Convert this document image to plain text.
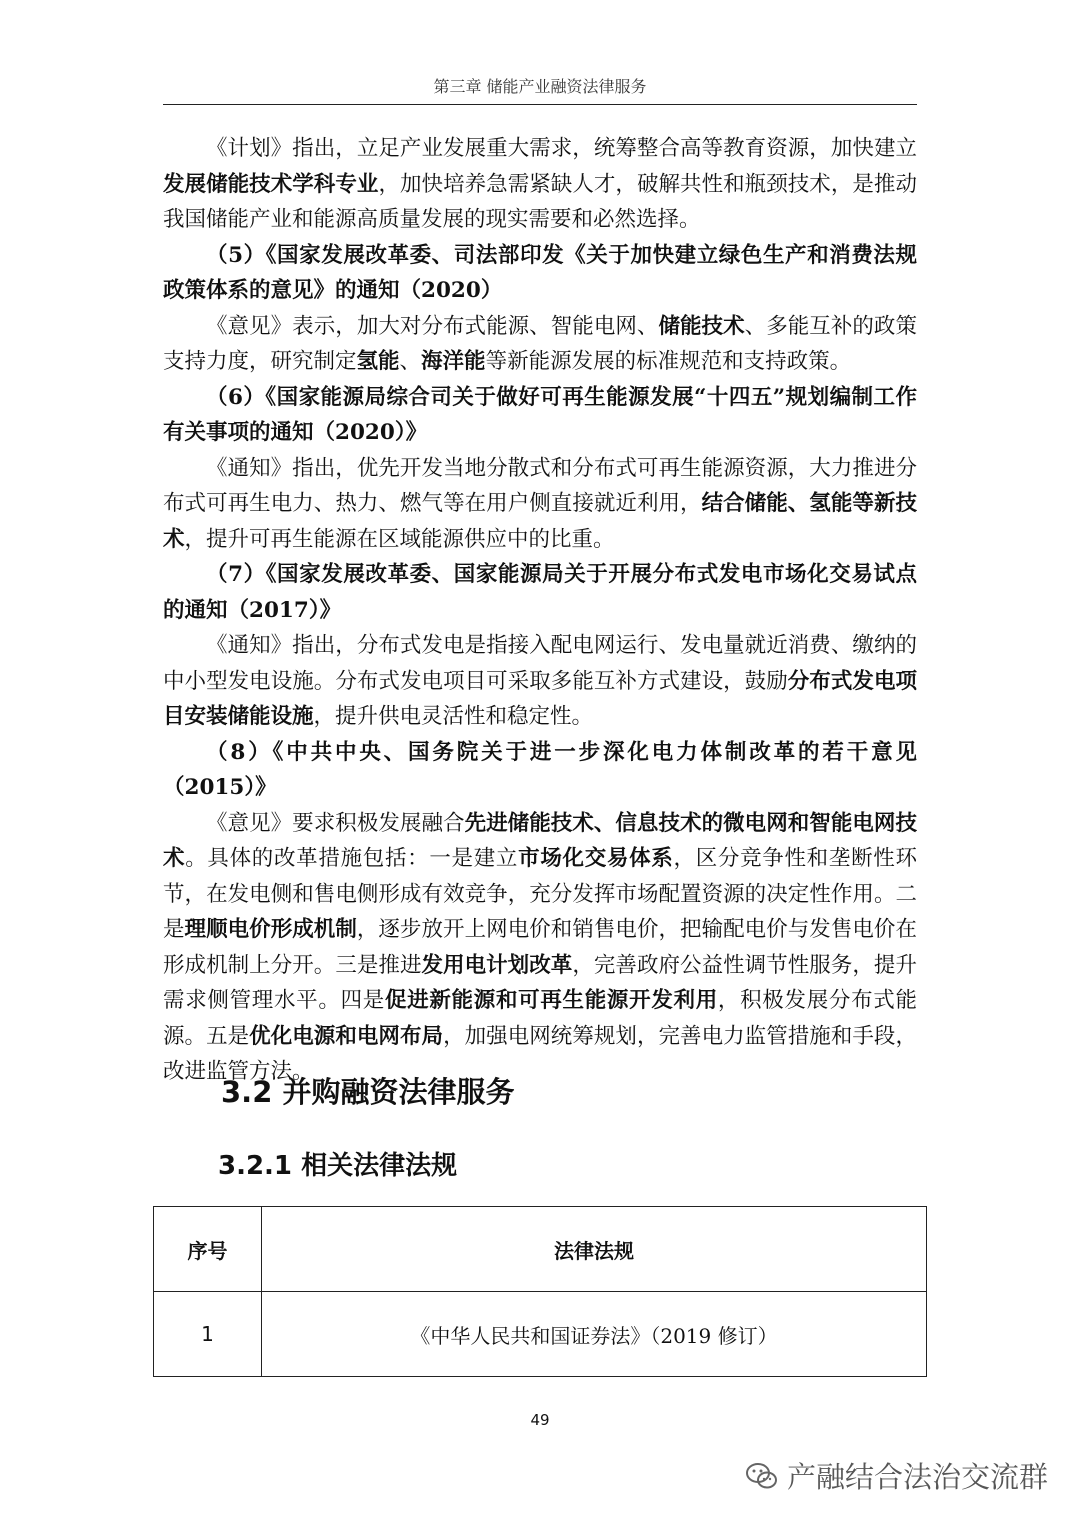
第三章 储能产业融资法律服务

《计划》指出，立足产业发展重大需求，统筹整合高等教育资源，加快建立发展储能技术学科专业，加快培养急需紧缺人才，破解共性和瓶颈技术，是推动我国储能产业和能源高质量发展的现实需要和必然选择。

（5）《国家发展改革委、司法部印发《关于加快建立绿色生产和消费法规政策体系的意见》的通知（2020）

《意见》表示，加大对分布式能源、智能电网、储能技术、多能互补的政策支持力度，研究制定氢能、海洋能等新能源发展的标准规范和支持政策。

（6）《国家能源局综合司关于做好可再生能源发展“十四五”规划编制工作有关事项的通知（2020）》

《通知》指出，优先开发当地分散式和分布式可再生能源资源，大力推进分布式可再生电力、热力、燃气等在用户侧直接就近利用，结合储能、氢能等新技术，提升可再生能源在区域能源供应中的比重。

（7）《国家发展改革委、国家能源局关于开展分布式发电市场化交易试点的通知（2017）》

《通知》指出，分布式发电是指接入配电网运行、发电量就近消费、缴纳的中小型发电设施。分布式发电项目可采取多能互补方式建设，鼓励分布式发电项目安装储能设施，提升供电灵活性和稳定性。

（8）《中共中央、国务院关于进一步深化电力体制改革的若干意见（2015）》

《意见》要求积极发展融合先进储能技术、信息技术的微电网和智能电网技术。具体的改革措施包括：一是建立市场化交易体系，区分竞争性和垄断性环节，在发电侧和售电侧形成有效竞争，充分发挥市场配置资源的决定性作用。二是理顺电价形成机制，逐步放开上网电价和销售电价，把输配电价与发售电价在形成机制上分开。三是推进发用电计划改革，完善政府公益性调节性服务，提升需求侧管理水平。四是促进新能源和可再生能源开发利用，积极发展分布式能源。五是优化电源和电网布局，加强电网统筹规划，完善电力监管措施和手段，改进监管方法。

3.2 并购融资法律服务
3.2.1 相关法律法规
序号	法律法规
1	《中华人民共和国证券法》（2019 修订）
49
产融结合法治交流群
